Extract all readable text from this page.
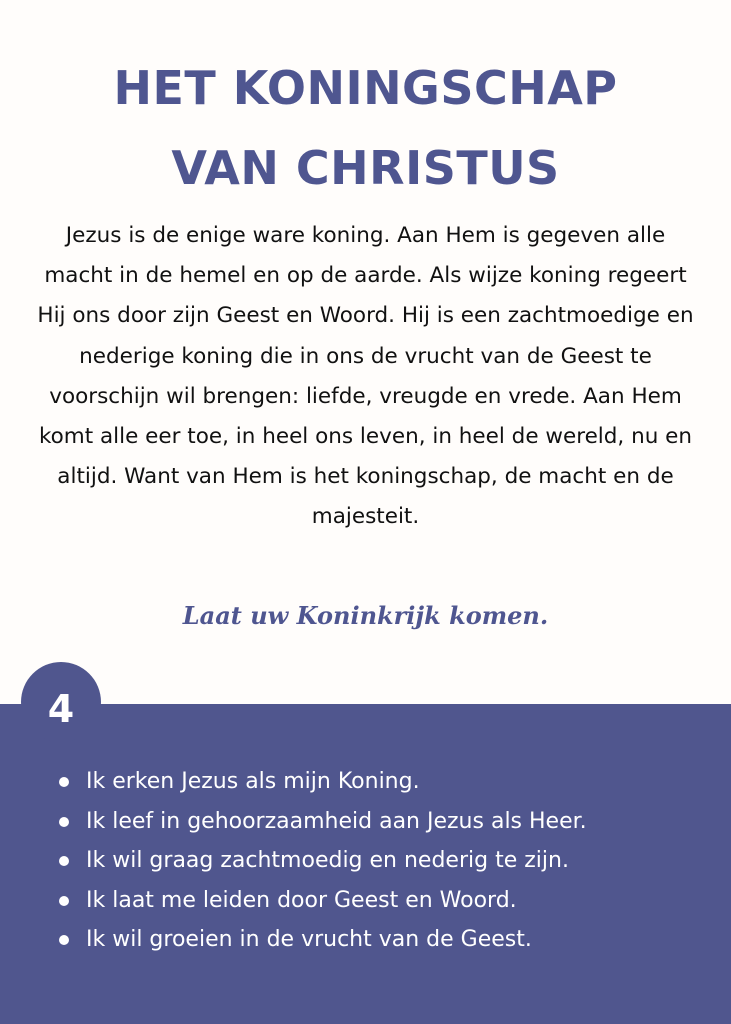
HET KONINGSCHAP
VAN CHRISTUS

Jezus is de enige ware koning. Aan Hem is gegeven alle macht in de hemel en op de aarde. Als wijze koning regeert Hij ons door zijn Geest en Woord. Hij is een zachtmoedige en nederige koning die in ons de vrucht van de Geest te voorschijn wil brengen: liefde, vreugde en vrede. Aan Hem komt alle eer toe, in heel ons leven, in heel de wereld, nu en altijd. Want van Hem is het koningschap, de macht en de majesteit.

Laat uw Koninkrijk komen.

4
Ik erken Jezus als mijn Koning.
Ik leef in gehoorzaamheid aan Jezus als Heer.
Ik wil graag zachtmoedig en nederig te zijn.
Ik laat me leiden door Geest en Woord.
Ik wil groeien in de vrucht van de Geest.
